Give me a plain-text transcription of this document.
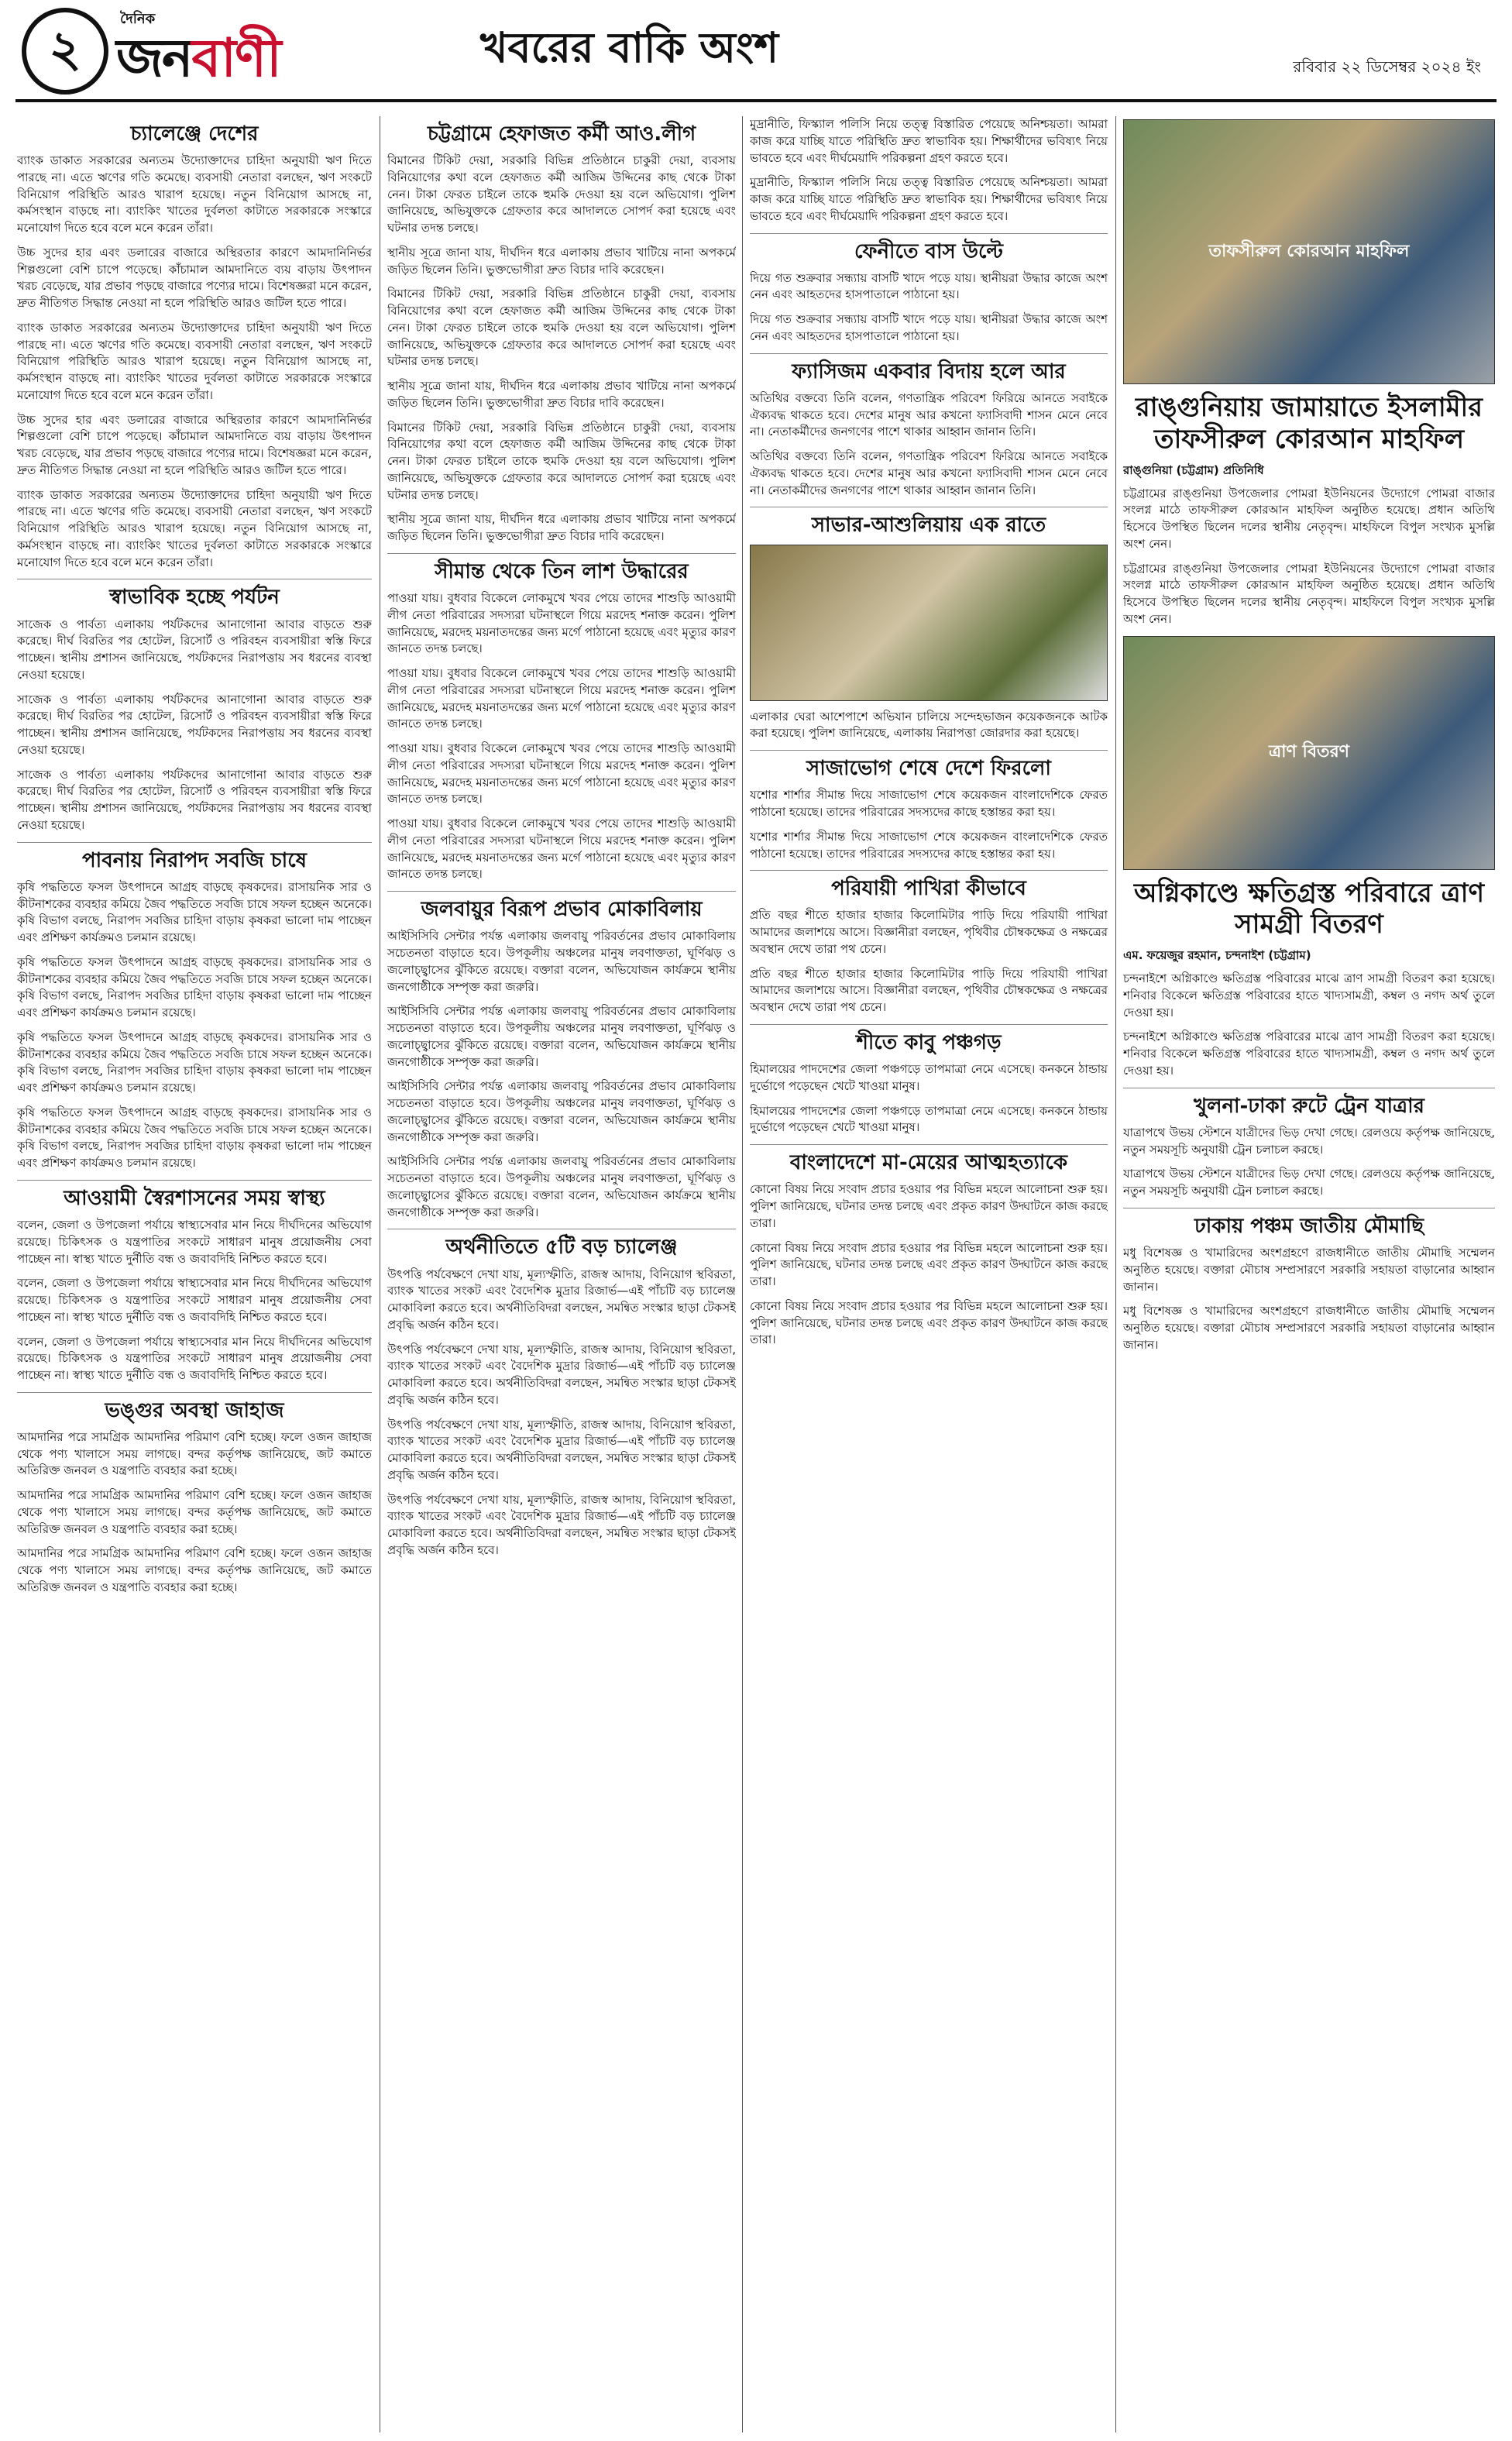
২
দৈনিক
জনবাণী	খবরের বাকি অংশ	রবিবার ২২ ডিসেম্বর ২০২৪ ইং
চ্যালেঞ্জে দেশের

ব্যাংক ডাকাত সরকারের অন্যতম উদ্যোক্তাদের চাহিদা অনুযায়ী ঋণ দিতে পারছে না। এতে ঋণের গতি কমেছে। ব্যবসায়ী নেতারা বলছেন, ঋণ সংকটে বিনিয়োগ পরিস্থিতি আরও খারাপ হয়েছে। নতুন বিনিয়োগ আসছে না, কর্মসংস্থান বাড়ছে না। ব্যাংকিং খাতের দুর্বলতা কাটাতে সরকারকে সংস্কারে মনোযোগ দিতে হবে বলে মনে করেন তাঁরা।

উচ্চ সুদের হার এবং ডলারের বাজারে অস্থিরতার কারণে আমদানিনির্ভর শিল্পগুলো বেশি চাপে পড়েছে। কাঁচামাল আমদানিতে ব্যয় বাড়ায় উৎপাদন খরচ বেড়েছে, যার প্রভাব পড়ছে বাজারে পণ্যের দামে। বিশেষজ্ঞরা মনে করেন, দ্রুত নীতিগত সিদ্ধান্ত নেওয়া না হলে পরিস্থিতি আরও জটিল হতে পারে।

ব্যাংক ডাকাত সরকারের অন্যতম উদ্যোক্তাদের চাহিদা অনুযায়ী ঋণ দিতে পারছে না। এতে ঋণের গতি কমেছে। ব্যবসায়ী নেতারা বলছেন, ঋণ সংকটে বিনিয়োগ পরিস্থিতি আরও খারাপ হয়েছে। নতুন বিনিয়োগ আসছে না, কর্মসংস্থান বাড়ছে না। ব্যাংকিং খাতের দুর্বলতা কাটাতে সরকারকে সংস্কারে মনোযোগ দিতে হবে বলে মনে করেন তাঁরা।

উচ্চ সুদের হার এবং ডলারের বাজারে অস্থিরতার কারণে আমদানিনির্ভর শিল্পগুলো বেশি চাপে পড়েছে। কাঁচামাল আমদানিতে ব্যয় বাড়ায় উৎপাদন খরচ বেড়েছে, যার প্রভাব পড়ছে বাজারে পণ্যের দামে। বিশেষজ্ঞরা মনে করেন, দ্রুত নীতিগত সিদ্ধান্ত নেওয়া না হলে পরিস্থিতি আরও জটিল হতে পারে।

ব্যাংক ডাকাত সরকারের অন্যতম উদ্যোক্তাদের চাহিদা অনুযায়ী ঋণ দিতে পারছে না। এতে ঋণের গতি কমেছে। ব্যবসায়ী নেতারা বলছেন, ঋণ সংকটে বিনিয়োগ পরিস্থিতি আরও খারাপ হয়েছে। নতুন বিনিয়োগ আসছে না, কর্মসংস্থান বাড়ছে না। ব্যাংকিং খাতের দুর্বলতা কাটাতে সরকারকে সংস্কারে মনোযোগ দিতে হবে বলে মনে করেন তাঁরা।

স্বাভাবিক হচ্ছে পর্যটন

সাজেক ও পার্বত্য এলাকায় পর্যটকদের আনাগোনা আবার বাড়তে শুরু করেছে। দীর্ঘ বিরতির পর হোটেল, রিসোর্ট ও পরিবহন ব্যবসায়ীরা স্বস্তি ফিরে পাচ্ছেন। স্থানীয় প্রশাসন জানিয়েছে, পর্যটকদের নিরাপত্তায় সব ধরনের ব্যবস্থা নেওয়া হয়েছে।

সাজেক ও পার্বত্য এলাকায় পর্যটকদের আনাগোনা আবার বাড়তে শুরু করেছে। দীর্ঘ বিরতির পর হোটেল, রিসোর্ট ও পরিবহন ব্যবসায়ীরা স্বস্তি ফিরে পাচ্ছেন। স্থানীয় প্রশাসন জানিয়েছে, পর্যটকদের নিরাপত্তায় সব ধরনের ব্যবস্থা নেওয়া হয়েছে।

সাজেক ও পার্বত্য এলাকায় পর্যটকদের আনাগোনা আবার বাড়তে শুরু করেছে। দীর্ঘ বিরতির পর হোটেল, রিসোর্ট ও পরিবহন ব্যবসায়ীরা স্বস্তি ফিরে পাচ্ছেন। স্থানীয় প্রশাসন জানিয়েছে, পর্যটকদের নিরাপত্তায় সব ধরনের ব্যবস্থা নেওয়া হয়েছে।

পাবনায় নিরাপদ সবজি চাষে

কৃষি পদ্ধতিতে ফসল উৎপাদনে আগ্রহ বাড়ছে কৃষকদের। রাসায়নিক সার ও কীটনাশকের ব্যবহার কমিয়ে জৈব পদ্ধতিতে সবজি চাষে সফল হচ্ছেন অনেকে। কৃষি বিভাগ বলছে, নিরাপদ সবজির চাহিদা বাড়ায় কৃষকরা ভালো দাম পাচ্ছেন এবং প্রশিক্ষণ কার্যক্রমও চলমান রয়েছে।

কৃষি পদ্ধতিতে ফসল উৎপাদনে আগ্রহ বাড়ছে কৃষকদের। রাসায়নিক সার ও কীটনাশকের ব্যবহার কমিয়ে জৈব পদ্ধতিতে সবজি চাষে সফল হচ্ছেন অনেকে। কৃষি বিভাগ বলছে, নিরাপদ সবজির চাহিদা বাড়ায় কৃষকরা ভালো দাম পাচ্ছেন এবং প্রশিক্ষণ কার্যক্রমও চলমান রয়েছে।

কৃষি পদ্ধতিতে ফসল উৎপাদনে আগ্রহ বাড়ছে কৃষকদের। রাসায়নিক সার ও কীটনাশকের ব্যবহার কমিয়ে জৈব পদ্ধতিতে সবজি চাষে সফল হচ্ছেন অনেকে। কৃষি বিভাগ বলছে, নিরাপদ সবজির চাহিদা বাড়ায় কৃষকরা ভালো দাম পাচ্ছেন এবং প্রশিক্ষণ কার্যক্রমও চলমান রয়েছে।

কৃষি পদ্ধতিতে ফসল উৎপাদনে আগ্রহ বাড়ছে কৃষকদের। রাসায়নিক সার ও কীটনাশকের ব্যবহার কমিয়ে জৈব পদ্ধতিতে সবজি চাষে সফল হচ্ছেন অনেকে। কৃষি বিভাগ বলছে, নিরাপদ সবজির চাহিদা বাড়ায় কৃষকরা ভালো দাম পাচ্ছেন এবং প্রশিক্ষণ কার্যক্রমও চলমান রয়েছে।

আওয়ামী স্বৈরশাসনের সময় স্বাস্থ্য

বলেন, জেলা ও উপজেলা পর্যায়ে স্বাস্থ্যসেবার মান নিয়ে দীর্ঘদিনের অভিযোগ রয়েছে। চিকিৎসক ও যন্ত্রপাতির সংকটে সাধারণ মানুষ প্রয়োজনীয় সেবা পাচ্ছেন না। স্বাস্থ্য খাতে দুর্নীতি বন্ধ ও জবাবদিহি নিশ্চিত করতে হবে।

বলেন, জেলা ও উপজেলা পর্যায়ে স্বাস্থ্যসেবার মান নিয়ে দীর্ঘদিনের অভিযোগ রয়েছে। চিকিৎসক ও যন্ত্রপাতির সংকটে সাধারণ মানুষ প্রয়োজনীয় সেবা পাচ্ছেন না। স্বাস্থ্য খাতে দুর্নীতি বন্ধ ও জবাবদিহি নিশ্চিত করতে হবে।

বলেন, জেলা ও উপজেলা পর্যায়ে স্বাস্থ্যসেবার মান নিয়ে দীর্ঘদিনের অভিযোগ রয়েছে। চিকিৎসক ও যন্ত্রপাতির সংকটে সাধারণ মানুষ প্রয়োজনীয় সেবা পাচ্ছেন না। স্বাস্থ্য খাতে দুর্নীতি বন্ধ ও জবাবদিহি নিশ্চিত করতে হবে।

ভঙ্গুর অবস্থা জাহাজ

আমদানির পরে সামগ্রিক আমদানির পরিমাণ বেশি হচ্ছে। ফলে ওজন জাহাজ থেকে পণ্য খালাসে সময় লাগছে। বন্দর কর্তৃপক্ষ জানিয়েছে, জট কমাতে অতিরিক্ত জনবল ও যন্ত্রপাতি ব্যবহার করা হচ্ছে।

আমদানির পরে সামগ্রিক আমদানির পরিমাণ বেশি হচ্ছে। ফলে ওজন জাহাজ থেকে পণ্য খালাসে সময় লাগছে। বন্দর কর্তৃপক্ষ জানিয়েছে, জট কমাতে অতিরিক্ত জনবল ও যন্ত্রপাতি ব্যবহার করা হচ্ছে।

আমদানির পরে সামগ্রিক আমদানির পরিমাণ বেশি হচ্ছে। ফলে ওজন জাহাজ থেকে পণ্য খালাসে সময় লাগছে। বন্দর কর্তৃপক্ষ জানিয়েছে, জট কমাতে অতিরিক্ত জনবল ও যন্ত্রপাতি ব্যবহার করা হচ্ছে।

চট্টগ্রামে হেফাজত কর্মী আও.লীগ

বিমানের টিকিট দেয়া, সরকারি বিভিন্ন প্রতিষ্ঠানে চাকুরী দেয়া, ব্যবসায় বিনিয়োগের কথা বলে হেফাজত কর্মী আজিম উদ্দিনের কাছ থেকে টাকা নেন। টাকা ফেরত চাইলে তাকে হুমকি দেওয়া হয় বলে অভিযোগ। পুলিশ জানিয়েছে, অভিযুক্তকে গ্রেফতার করে আদালতে সোপর্দ করা হয়েছে এবং ঘটনার তদন্ত চলছে।

স্থানীয় সূত্রে জানা যায়, দীর্ঘদিন ধরে এলাকায় প্রভাব খাটিয়ে নানা অপকর্মে জড়িত ছিলেন তিনি। ভুক্তভোগীরা দ্রুত বিচার দাবি করেছেন।

বিমানের টিকিট দেয়া, সরকারি বিভিন্ন প্রতিষ্ঠানে চাকুরী দেয়া, ব্যবসায় বিনিয়োগের কথা বলে হেফাজত কর্মী আজিম উদ্দিনের কাছ থেকে টাকা নেন। টাকা ফেরত চাইলে তাকে হুমকি দেওয়া হয় বলে অভিযোগ। পুলিশ জানিয়েছে, অভিযুক্তকে গ্রেফতার করে আদালতে সোপর্দ করা হয়েছে এবং ঘটনার তদন্ত চলছে।

স্থানীয় সূত্রে জানা যায়, দীর্ঘদিন ধরে এলাকায় প্রভাব খাটিয়ে নানা অপকর্মে জড়িত ছিলেন তিনি। ভুক্তভোগীরা দ্রুত বিচার দাবি করেছেন।

বিমানের টিকিট দেয়া, সরকারি বিভিন্ন প্রতিষ্ঠানে চাকুরী দেয়া, ব্যবসায় বিনিয়োগের কথা বলে হেফাজত কর্মী আজিম উদ্দিনের কাছ থেকে টাকা নেন। টাকা ফেরত চাইলে তাকে হুমকি দেওয়া হয় বলে অভিযোগ। পুলিশ জানিয়েছে, অভিযুক্তকে গ্রেফতার করে আদালতে সোপর্দ করা হয়েছে এবং ঘটনার তদন্ত চলছে।

স্থানীয় সূত্রে জানা যায়, দীর্ঘদিন ধরে এলাকায় প্রভাব খাটিয়ে নানা অপকর্মে জড়িত ছিলেন তিনি। ভুক্তভোগীরা দ্রুত বিচার দাবি করেছেন।

সীমান্ত থেকে তিন লাশ উদ্ধারের

পাওয়া যায়। বুধবার বিকেলে লোকমুখে খবর পেয়ে তাদের শাশুড়ি আওয়ামী লীগ নেতা পরিবারের সদস্যরা ঘটনাস্থলে গিয়ে মরদেহ শনাক্ত করেন। পুলিশ জানিয়েছে, মরদেহ ময়নাতদন্তের জন্য মর্গে পাঠানো হয়েছে এবং মৃত্যুর কারণ জানতে তদন্ত চলছে।

পাওয়া যায়। বুধবার বিকেলে লোকমুখে খবর পেয়ে তাদের শাশুড়ি আওয়ামী লীগ নেতা পরিবারের সদস্যরা ঘটনাস্থলে গিয়ে মরদেহ শনাক্ত করেন। পুলিশ জানিয়েছে, মরদেহ ময়নাতদন্তের জন্য মর্গে পাঠানো হয়েছে এবং মৃত্যুর কারণ জানতে তদন্ত চলছে।

পাওয়া যায়। বুধবার বিকেলে লোকমুখে খবর পেয়ে তাদের শাশুড়ি আওয়ামী লীগ নেতা পরিবারের সদস্যরা ঘটনাস্থলে গিয়ে মরদেহ শনাক্ত করেন। পুলিশ জানিয়েছে, মরদেহ ময়নাতদন্তের জন্য মর্গে পাঠানো হয়েছে এবং মৃত্যুর কারণ জানতে তদন্ত চলছে।

পাওয়া যায়। বুধবার বিকেলে লোকমুখে খবর পেয়ে তাদের শাশুড়ি আওয়ামী লীগ নেতা পরিবারের সদস্যরা ঘটনাস্থলে গিয়ে মরদেহ শনাক্ত করেন। পুলিশ জানিয়েছে, মরদেহ ময়নাতদন্তের জন্য মর্গে পাঠানো হয়েছে এবং মৃত্যুর কারণ জানতে তদন্ত চলছে।

জলবায়ুর বিরূপ প্রভাব মোকাবিলায়

আইসিসিবি সেন্টার পর্যন্ত এলাকায় জলবায়ু পরিবর্তনের প্রভাব মোকাবিলায় সচেতনতা বাড়াতে হবে। উপকূলীয় অঞ্চলের মানুষ লবণাক্ততা, ঘূর্ণিঝড় ও জলোচ্ছ্বাসের ঝুঁকিতে রয়েছে। বক্তারা বলেন, অভিযোজন কার্যক্রমে স্থানীয় জনগোষ্ঠীকে সম্পৃক্ত করা জরুরি।

আইসিসিবি সেন্টার পর্যন্ত এলাকায় জলবায়ু পরিবর্তনের প্রভাব মোকাবিলায় সচেতনতা বাড়াতে হবে। উপকূলীয় অঞ্চলের মানুষ লবণাক্ততা, ঘূর্ণিঝড় ও জলোচ্ছ্বাসের ঝুঁকিতে রয়েছে। বক্তারা বলেন, অভিযোজন কার্যক্রমে স্থানীয় জনগোষ্ঠীকে সম্পৃক্ত করা জরুরি।

আইসিসিবি সেন্টার পর্যন্ত এলাকায় জলবায়ু পরিবর্তনের প্রভাব মোকাবিলায় সচেতনতা বাড়াতে হবে। উপকূলীয় অঞ্চলের মানুষ লবণাক্ততা, ঘূর্ণিঝড় ও জলোচ্ছ্বাসের ঝুঁকিতে রয়েছে। বক্তারা বলেন, অভিযোজন কার্যক্রমে স্থানীয় জনগোষ্ঠীকে সম্পৃক্ত করা জরুরি।

আইসিসিবি সেন্টার পর্যন্ত এলাকায় জলবায়ু পরিবর্তনের প্রভাব মোকাবিলায় সচেতনতা বাড়াতে হবে। উপকূলীয় অঞ্চলের মানুষ লবণাক্ততা, ঘূর্ণিঝড় ও জলোচ্ছ্বাসের ঝুঁকিতে রয়েছে। বক্তারা বলেন, অভিযোজন কার্যক্রমে স্থানীয় জনগোষ্ঠীকে সম্পৃক্ত করা জরুরি।

অর্থনীতিতে ৫টি বড় চ্যালেঞ্জ

উৎপত্তি পর্যবেক্ষণে দেখা যায়, মূল্যস্ফীতি, রাজস্ব আদায়, বিনিয়োগ স্থবিরতা, ব্যাংক খাতের সংকট এবং বৈদেশিক মুদ্রার রিজার্ভ—এই পাঁচটি বড় চ্যালেঞ্জ মোকাবিলা করতে হবে। অর্থনীতিবিদরা বলছেন, সমন্বিত সংস্কার ছাড়া টেকসই প্রবৃদ্ধি অর্জন কঠিন হবে।

উৎপত্তি পর্যবেক্ষণে দেখা যায়, মূল্যস্ফীতি, রাজস্ব আদায়, বিনিয়োগ স্থবিরতা, ব্যাংক খাতের সংকট এবং বৈদেশিক মুদ্রার রিজার্ভ—এই পাঁচটি বড় চ্যালেঞ্জ মোকাবিলা করতে হবে। অর্থনীতিবিদরা বলছেন, সমন্বিত সংস্কার ছাড়া টেকসই প্রবৃদ্ধি অর্জন কঠিন হবে।

উৎপত্তি পর্যবেক্ষণে দেখা যায়, মূল্যস্ফীতি, রাজস্ব আদায়, বিনিয়োগ স্থবিরতা, ব্যাংক খাতের সংকট এবং বৈদেশিক মুদ্রার রিজার্ভ—এই পাঁচটি বড় চ্যালেঞ্জ মোকাবিলা করতে হবে। অর্থনীতিবিদরা বলছেন, সমন্বিত সংস্কার ছাড়া টেকসই প্রবৃদ্ধি অর্জন কঠিন হবে।

উৎপত্তি পর্যবেক্ষণে দেখা যায়, মূল্যস্ফীতি, রাজস্ব আদায়, বিনিয়োগ স্থবিরতা, ব্যাংক খাতের সংকট এবং বৈদেশিক মুদ্রার রিজার্ভ—এই পাঁচটি বড় চ্যালেঞ্জ মোকাবিলা করতে হবে। অর্থনীতিবিদরা বলছেন, সমন্বিত সংস্কার ছাড়া টেকসই প্রবৃদ্ধি অর্জন কঠিন হবে।

মুদ্রানীতি, ফিস্ক্যাল পলিসি নিয়ে তত্ত্ব বিস্তারিত পেয়েছে অনিশ্চয়তা। আমরা কাজ করে যাচ্ছি যাতে পরিস্থিতি দ্রুত স্বাভাবিক হয়। শিক্ষার্থীদের ভবিষ্যৎ নিয়ে ভাবতে হবে এবং দীর্ঘমেয়াদি পরিকল্পনা গ্রহণ করতে হবে।

মুদ্রানীতি, ফিস্ক্যাল পলিসি নিয়ে তত্ত্ব বিস্তারিত পেয়েছে অনিশ্চয়তা। আমরা কাজ করে যাচ্ছি যাতে পরিস্থিতি দ্রুত স্বাভাবিক হয়। শিক্ষার্থীদের ভবিষ্যৎ নিয়ে ভাবতে হবে এবং দীর্ঘমেয়াদি পরিকল্পনা গ্রহণ করতে হবে।

ফেনীতে বাস উল্টে

দিয়ে গত শুক্রবার সন্ধ্যায় বাসটি খাদে পড়ে যায়। স্থানীয়রা উদ্ধার কাজে অংশ নেন এবং আহতদের হাসপাতালে পাঠানো হয়।

দিয়ে গত শুক্রবার সন্ধ্যায় বাসটি খাদে পড়ে যায়। স্থানীয়রা উদ্ধার কাজে অংশ নেন এবং আহতদের হাসপাতালে পাঠানো হয়।

ফ্যাসিজম একবার বিদায় হলে আর

অতিথির বক্তব্যে তিনি বলেন, গণতান্ত্রিক পরিবেশ ফিরিয়ে আনতে সবাইকে ঐক্যবদ্ধ থাকতে হবে। দেশের মানুষ আর কখনো ফ্যাসিবাদী শাসন মেনে নেবে না। নেতাকর্মীদের জনগণের পাশে থাকার আহ্বান জানান তিনি।

অতিথির বক্তব্যে তিনি বলেন, গণতান্ত্রিক পরিবেশ ফিরিয়ে আনতে সবাইকে ঐক্যবদ্ধ থাকতে হবে। দেশের মানুষ আর কখনো ফ্যাসিবাদী শাসন মেনে নেবে না। নেতাকর্মীদের জনগণের পাশে থাকার আহ্বান জানান তিনি।

সাভার-আশুলিয়ায় এক রাতে

এলাকার ঘেরা আশেপাশে অভিযান চালিয়ে সন্দেহভাজন কয়েকজনকে আটক করা হয়েছে। পুলিশ জানিয়েছে, এলাকায় নিরাপত্তা জোরদার করা হয়েছে।

সাজাভোগ শেষে দেশে ফিরলো

যশোর শার্শার সীমান্ত দিয়ে সাজাভোগ শেষে কয়েকজন বাংলাদেশিকে ফেরত পাঠানো হয়েছে। তাদের পরিবারের সদস্যদের কাছে হস্তান্তর করা হয়।

যশোর শার্শার সীমান্ত দিয়ে সাজাভোগ শেষে কয়েকজন বাংলাদেশিকে ফেরত পাঠানো হয়েছে। তাদের পরিবারের সদস্যদের কাছে হস্তান্তর করা হয়।

পরিযায়ী পাখিরা কীভাবে

প্রতি বছর শীতে হাজার হাজার কিলোমিটার পাড়ি দিয়ে পরিযায়ী পাখিরা আমাদের জলাশয়ে আসে। বিজ্ঞানীরা বলছেন, পৃথিবীর চৌম্বকক্ষেত্র ও নক্ষত্রের অবস্থান দেখে তারা পথ চেনে।

প্রতি বছর শীতে হাজার হাজার কিলোমিটার পাড়ি দিয়ে পরিযায়ী পাখিরা আমাদের জলাশয়ে আসে। বিজ্ঞানীরা বলছেন, পৃথিবীর চৌম্বকক্ষেত্র ও নক্ষত্রের অবস্থান দেখে তারা পথ চেনে।

শীতে কাবু পঞ্চগড়

হিমালয়ের পাদদেশের জেলা পঞ্চগড়ে তাপমাত্রা নেমে এসেছে। কনকনে ঠান্ডায় দুর্ভোগে পড়েছেন খেটে খাওয়া মানুষ।

হিমালয়ের পাদদেশের জেলা পঞ্চগড়ে তাপমাত্রা নেমে এসেছে। কনকনে ঠান্ডায় দুর্ভোগে পড়েছেন খেটে খাওয়া মানুষ।

বাংলাদেশে মা-মেয়ের আত্মহত্যাকে

কোনো বিষয় নিয়ে সংবাদ প্রচার হওয়ার পর বিভিন্ন মহলে আলোচনা শুরু হয়। পুলিশ জানিয়েছে, ঘটনার তদন্ত চলছে এবং প্রকৃত কারণ উদ্ঘাটনে কাজ করছে তারা।

কোনো বিষয় নিয়ে সংবাদ প্রচার হওয়ার পর বিভিন্ন মহলে আলোচনা শুরু হয়। পুলিশ জানিয়েছে, ঘটনার তদন্ত চলছে এবং প্রকৃত কারণ উদ্ঘাটনে কাজ করছে তারা।

কোনো বিষয় নিয়ে সংবাদ প্রচার হওয়ার পর বিভিন্ন মহলে আলোচনা শুরু হয়। পুলিশ জানিয়েছে, ঘটনার তদন্ত চলছে এবং প্রকৃত কারণ উদ্ঘাটনে কাজ করছে তারা।

তাফসীরুল কোরআন মাহফিল
রাঙ্গুনিয়ায় জামায়াতে ইসলামীর তাফসীরুল কোরআন মাহফিল
রাঙ্গুনিয়া (চট্টগ্রাম) প্রতিনিধি

চট্টগ্রামের রাঙ্গুনিয়া উপজেলার পোমরা ইউনিয়নের উদ্যোগে পোমরা বাজার সংলগ্ন মাঠে তাফসীরুল কোরআন মাহফিল অনুষ্ঠিত হয়েছে। প্রধান অতিথি হিসেবে উপস্থিত ছিলেন দলের স্থানীয় নেতৃবৃন্দ। মাহফিলে বিপুল সংখ্যক মুসল্লি অংশ নেন।

চট্টগ্রামের রাঙ্গুনিয়া উপজেলার পোমরা ইউনিয়নের উদ্যোগে পোমরা বাজার সংলগ্ন মাঠে তাফসীরুল কোরআন মাহফিল অনুষ্ঠিত হয়েছে। প্রধান অতিথি হিসেবে উপস্থিত ছিলেন দলের স্থানীয় নেতৃবৃন্দ। মাহফিলে বিপুল সংখ্যক মুসল্লি অংশ নেন।

ত্রাণ বিতরণ
অগ্নিকাণ্ডে ক্ষতিগ্রস্ত পরিবারে ত্রাণ সামগ্রী বিতরণ
এম. ফয়েজুর রহমান, চন্দনাইশ (চট্টগ্রাম)

চন্দনাইশে অগ্নিকাণ্ডে ক্ষতিগ্রস্ত পরিবারের মাঝে ত্রাণ সামগ্রী বিতরণ করা হয়েছে। শনিবার বিকেলে ক্ষতিগ্রস্ত পরিবারের হাতে খাদ্যসামগ্রী, কম্বল ও নগদ অর্থ তুলে দেওয়া হয়।

চন্দনাইশে অগ্নিকাণ্ডে ক্ষতিগ্রস্ত পরিবারের মাঝে ত্রাণ সামগ্রী বিতরণ করা হয়েছে। শনিবার বিকেলে ক্ষতিগ্রস্ত পরিবারের হাতে খাদ্যসামগ্রী, কম্বল ও নগদ অর্থ তুলে দেওয়া হয়।

খুলনা-ঢাকা রুটে ট্রেন যাত্রার

যাত্রাপথে উভয় স্টেশনে যাত্রীদের ভিড় দেখা গেছে। রেলওয়ে কর্তৃপক্ষ জানিয়েছে, নতুন সময়সূচি অনুযায়ী ট্রেন চলাচল করছে।

যাত্রাপথে উভয় স্টেশনে যাত্রীদের ভিড় দেখা গেছে। রেলওয়ে কর্তৃপক্ষ জানিয়েছে, নতুন সময়সূচি অনুযায়ী ট্রেন চলাচল করছে।

ঢাকায় পঞ্চম জাতীয় মৌমাছি

মধু বিশেষজ্ঞ ও খামারিদের অংশগ্রহণে রাজধানীতে জাতীয় মৌমাছি সম্মেলন অনুষ্ঠিত হয়েছে। বক্তারা মৌচাষ সম্প্রসারণে সরকারি সহায়তা বাড়ানোর আহ্বান জানান।

মধু বিশেষজ্ঞ ও খামারিদের অংশগ্রহণে রাজধানীতে জাতীয় মৌমাছি সম্মেলন অনুষ্ঠিত হয়েছে। বক্তারা মৌচাষ সম্প্রসারণে সরকারি সহায়তা বাড়ানোর আহ্বান জানান।
